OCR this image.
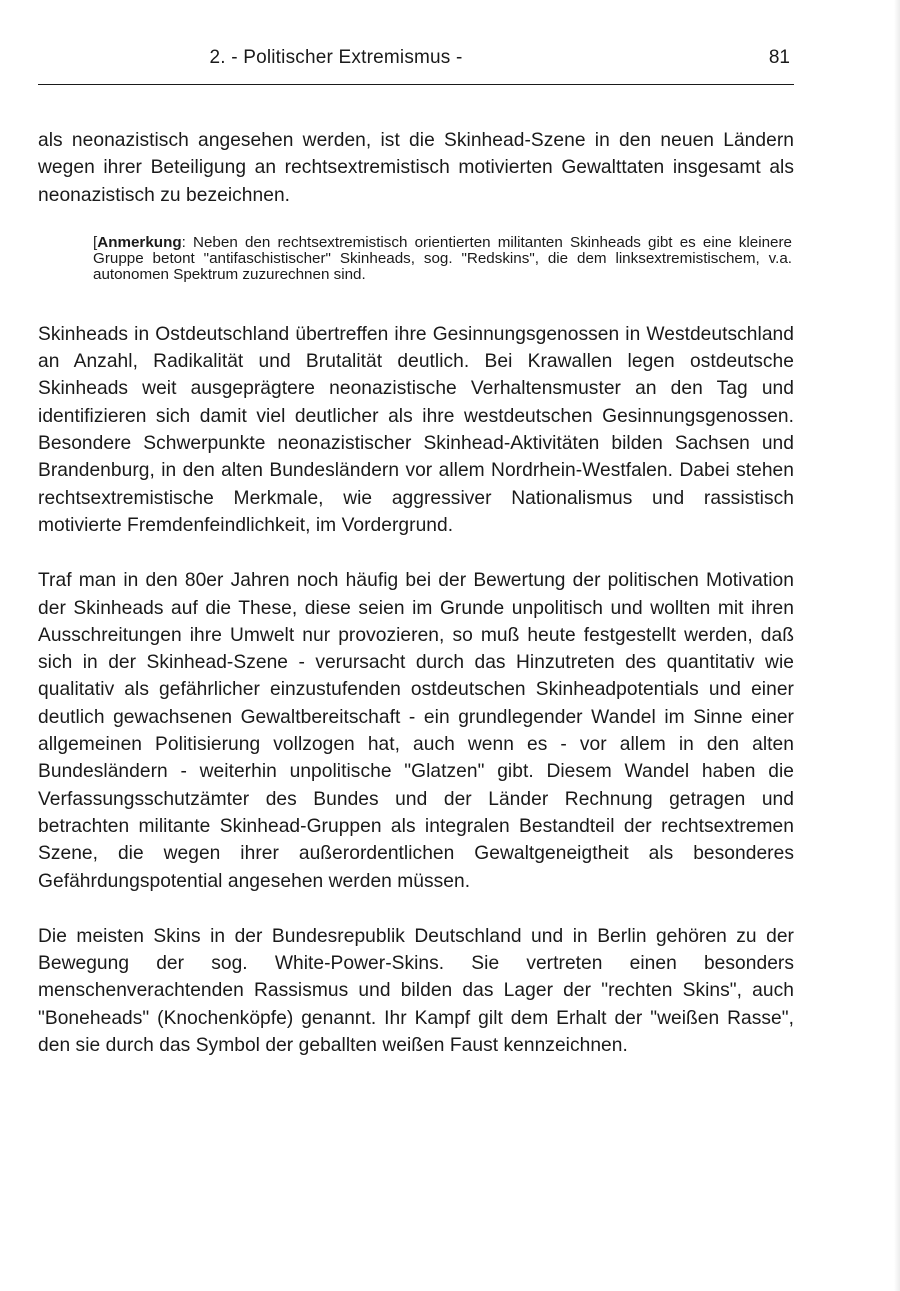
2. - Politischer Extremismus -	81

als neonazistisch angesehen werden, ist die Skinhead-Szene in den neuen Ländern wegen ihrer Beteiligung an rechtsextremistisch motivierten Gewalttaten insgesamt als neonazistisch zu bezeichnen.

[Anmerkung: Neben den rechtsextremistisch orientierten militanten Skinheads gibt es eine kleinere Gruppe betont "antifaschistischer" Skinheads, sog. "Redskins", die dem linksextremistischem, v.a. autonomen Spektrum zuzurechnen sind.

Skinheads in Ostdeutschland übertreffen ihre Gesinnungsgenossen in Westdeutschland an Anzahl, Radikalität und Brutalität deutlich. Bei Krawallen legen ostdeutsche Skinheads weit ausgeprägtere neonazistische Verhaltensmuster an den Tag und identifizieren sich damit viel deutlicher als ihre westdeutschen Gesinnungsgenossen. Besondere Schwerpunkte neonazistischer Skinhead-Aktivitäten bilden Sachsen und Brandenburg, in den alten Bundesländern vor allem Nordrhein-Westfalen. Dabei stehen rechtsextremistische Merkmale, wie aggressiver Nationalismus und rassistisch motivierte Fremdenfeindlichkeit, im Vordergrund.

Traf man in den 80er Jahren noch häufig bei der Bewertung der politischen Motivation der Skinheads auf die These, diese seien im Grunde unpolitisch und wollten mit ihren Ausschreitungen ihre Umwelt nur provozieren, so muß heute festgestellt werden, daß sich in der Skinhead-Szene - verursacht durch das Hinzutreten des quantitativ wie qualitativ als gefährlicher einzustufenden ostdeutschen Skinheadpotentials und einer deutlich gewachsenen Gewaltbereitschaft - ein grundlegender Wandel im Sinne einer allgemeinen Politisierung vollzogen hat, auch wenn es - vor allem in den alten Bundesländern - weiterhin unpolitische "Glatzen" gibt. Diesem Wandel haben die Verfassungsschutzämter des Bundes und der Länder Rechnung getragen und betrachten militante Skinhead-Gruppen als integralen Bestandteil der rechtsextremen Szene, die wegen ihrer außerordentlichen Gewaltgeneigtheit als besonderes Gefährdungspotential angesehen werden müssen.

Die meisten Skins in der Bundesrepublik Deutschland und in Berlin gehören zu der Bewegung der sog. White-Power-Skins. Sie vertreten einen besonders menschenverachtenden Rassismus und bilden das Lager der "rechten Skins", auch "Boneheads" (Knochenköpfe) genannt. Ihr Kampf gilt dem Erhalt der "weißen Rasse", den sie durch das Symbol der geballten weißen Faust kennzeichnen.
